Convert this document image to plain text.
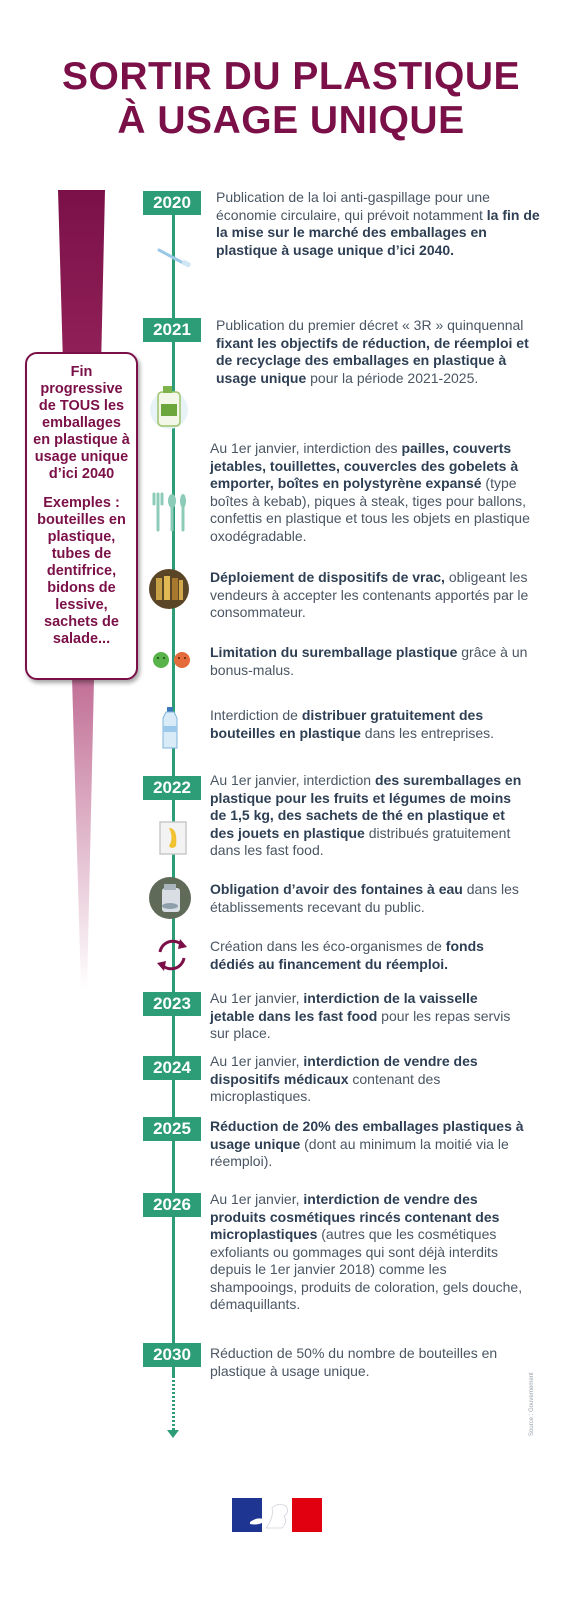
SORTIR DU PLASTIQUE
À USAGE UNIQUE
Fin progressive de TOUS les emballages en plastique à usage unique d’ici 2040
Exemples : bouteilles en plastique, tubes de dentifrice, bidons de lessive, sachets de salade...
2020
2021
2022
2023
2024
2025
2026
2030
Publication de la loi anti-gaspillage pour une économie circulaire, qui prévoit notamment la fin de la mise sur le marché des emballages en plastique à usage unique d’ici 2040.
Publication du premier décret « 3R » quinquennal fixant les objectifs de réduction, de réemploi et de recyclage des emballages en plastique à usage unique pour la période 2021-2025.
Au 1er janvier, interdiction des pailles, couverts jetables, touillettes, couvercles des gobelets à emporter, boîtes en polystyrène expansé (type boîtes à kebab), piques à steak, tiges pour ballons, confettis en plastique et tous les objets en plastique oxodégradable.
Déploiement de dispositifs de vrac, obligeant les vendeurs à accepter les contenants apportés par le consommateur.
Limitation du suremballage plastique grâce à un bonus-malus.
Interdiction de distribuer gratuitement des bouteilles en plastique dans les entreprises.
Au 1er janvier, interdiction des suremballages en plastique pour les fruits et légumes de moins de 1,5 kg, des sachets de thé en plastique et des jouets en plastique distribués gratuitement dans les fast food.
Obligation d’avoir des fontaines à eau dans les établissements recevant du public.
Création dans les éco-organismes de fonds dédiés au financement du réemploi.
Au 1er janvier, interdiction de la vaisselle jetable dans les fast food pour les repas servis sur place.
Au 1er janvier, interdiction de vendre des dispositifs médicaux contenant des microplastiques.
Réduction de 20% des emballages plastiques à usage unique (dont au minimum la moitié via le réemploi).
Au 1er janvier, interdiction de vendre des produits cosmétiques rincés contenant des microplastiques (autres que les cosmétiques exfoliants ou gommages qui sont déjà interdits depuis le 1er janvier 2018) comme les shampooings, produits de coloration, gels douche, démaquillants.
Réduction de 50% du nombre de bouteilles en plastique à usage unique.
Source : Gouvernement
